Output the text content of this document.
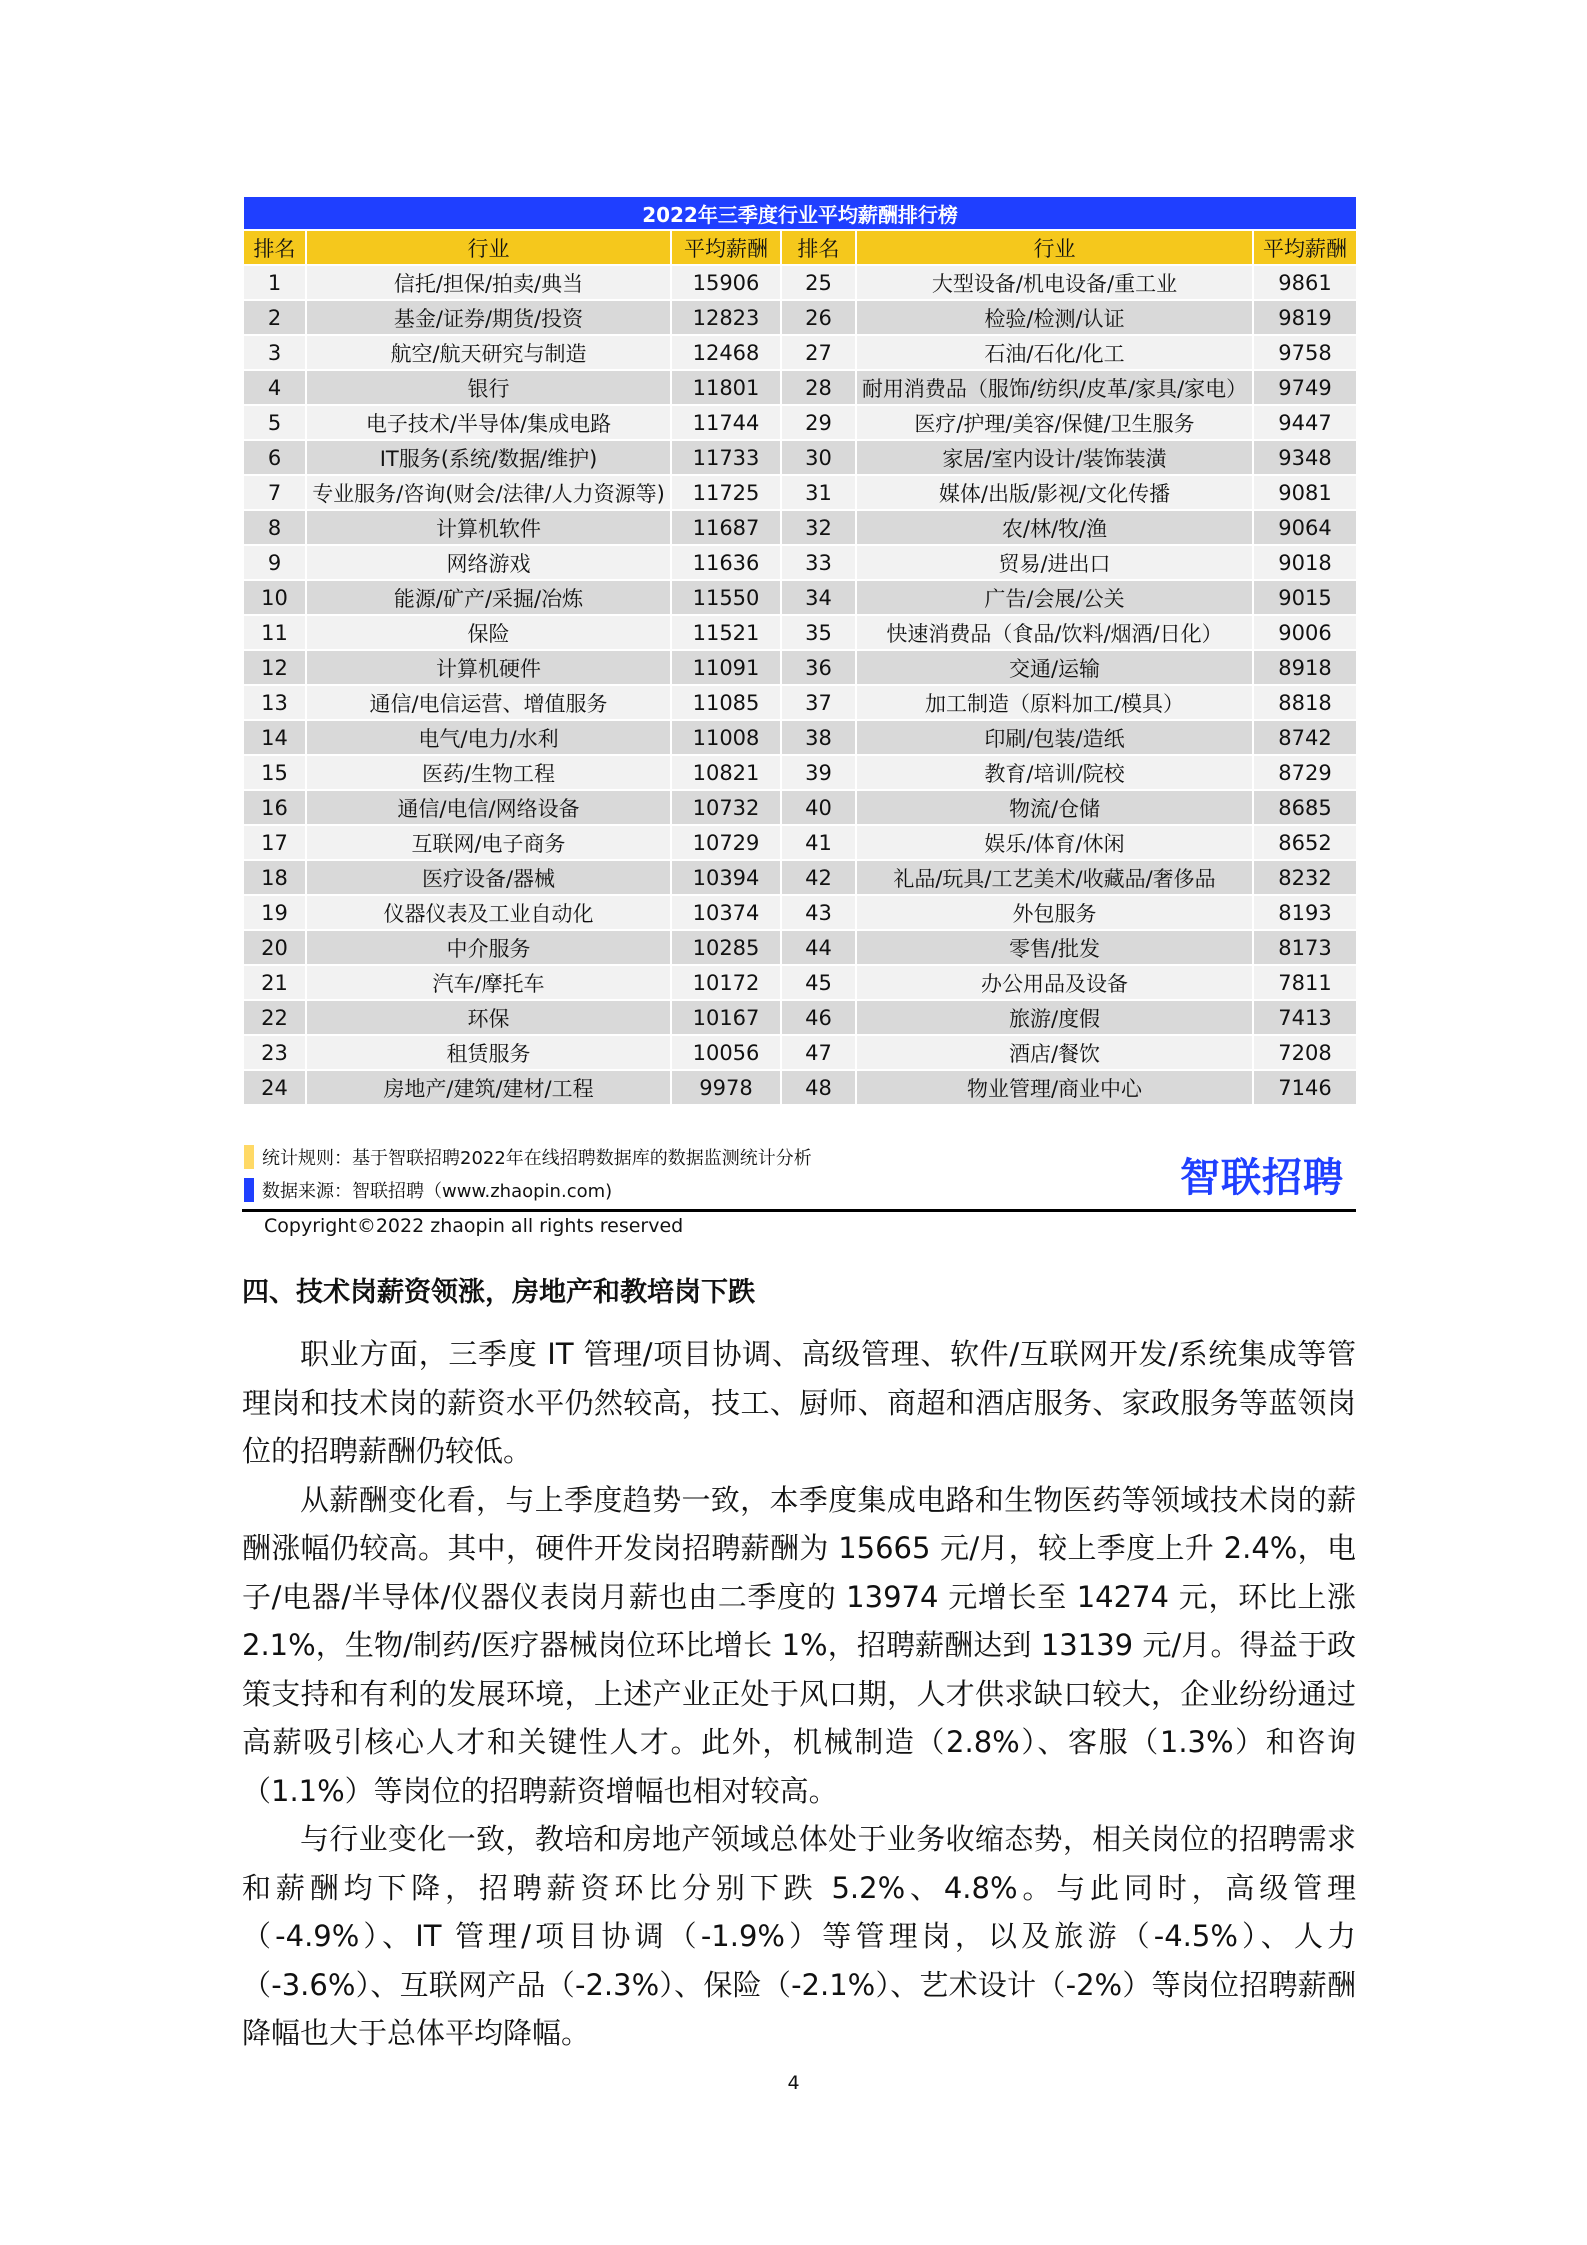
2022年三季度行业平均薪酬排行榜					
排名	行业	平均薪酬	排名	行业	平均薪酬
1	信托/担保/拍卖/典当	15906	25	大型设备/机电设备/重工业	9861
2	基金/证券/期货/投资	12823	26	检验/检测/认证	9819
3	航空/航天研究与制造	12468	27	石油/石化/化工	9758
4	银行	11801	28	耐用消费品（服饰/纺织/皮革/家具/家电）	9749
5	电子技术/半导体/集成电路	11744	29	医疗/护理/美容/保健/卫生服务	9447
6	IT服务(系统/数据/维护)	11733	30	家居/室内设计/装饰装潢	9348
7	专业服务/咨询(财会/法律/人力资源等)	11725	31	媒体/出版/影视/文化传播	9081
8	计算机软件	11687	32	农/林/牧/渔	9064
9	网络游戏	11636	33	贸易/进出口	9018
10	能源/矿产/采掘/冶炼	11550	34	广告/会展/公关	9015
11	保险	11521	35	快速消费品（食品/饮料/烟酒/日化）	9006
12	计算机硬件	11091	36	交通/运输	8918
13	通信/电信运营、增值服务	11085	37	加工制造（原料加工/模具）	8818
14	电气/电力/水利	11008	38	印刷/包装/造纸	8742
15	医药/生物工程	10821	39	教育/培训/院校	8729
16	通信/电信/网络设备	10732	40	物流/仓储	8685
17	互联网/电子商务	10729	41	娱乐/体育/休闲	8652
18	医疗设备/器械	10394	42	礼品/玩具/工艺美术/收藏品/奢侈品	8232
19	仪器仪表及工业自动化	10374	43	外包服务	8193
20	中介服务	10285	44	零售/批发	8173
21	汽车/摩托车	10172	45	办公用品及设备	7811
22	环保	10167	46	旅游/度假	7413
23	租赁服务	10056	47	酒店/餐饮	7208
24	房地产/建筑/建材/工程	9978	48	物业管理/商业中心	7146
统计规则：基于智联招聘2022年在线招聘数据库的数据监测统计分析
数据来源：智联招聘（www.zhaopin.com)	智联招聘
Copyright©2022 zhaopin all rights reserved
四、技术岗薪资领涨，房地产和教培岗下跌

职业方面，三季度 IT 管理/项目协调、高级管理、软件/互联网开发/系统集成等管理岗和技术岗的薪资水平仍然较高，技工、厨师、商超和酒店服务、家政服务等蓝领岗位的招聘薪酬仍较低。

从薪酬变化看，与上季度趋势一致，本季度集成电路和生物医药等领域技术岗的薪酬涨幅仍较高。其中，硬件开发岗招聘薪酬为 15665 元/月，较上季度上升 2.4%，电子/电器/半导体/仪器仪表岗月薪也由二季度的 13974 元增长至 14274 元，环比上涨 2.1%，生物/制药/医疗器械岗位环比增长 1%，招聘薪酬达到 13139 元/月。得益于政策支持和有利的发展环境，上述产业正处于风口期，人才供求缺口较大，企业纷纷通过高薪吸引核心人才和关键性人才。此外，机械制造（2.8%）、客服（1.3%）和咨询（1.1%）等岗位的招聘薪资增幅也相对较高。

与行业变化一致，教培和房地产领域总体处于业务收缩态势，相关岗位的招聘需求和薪酬均下降，招聘薪资环比分别下跌 5.2%、4.8%。与此同时，高级管理（-4.9%）、IT 管理/项目协调（-1.9%）等管理岗，以及旅游（-4.5%）、人力（-3.6%）、互联网产品（-2.3%）、保险（-2.1%）、艺术设计（-2%）等岗位招聘薪酬降幅也大于总体平均降幅。

4
